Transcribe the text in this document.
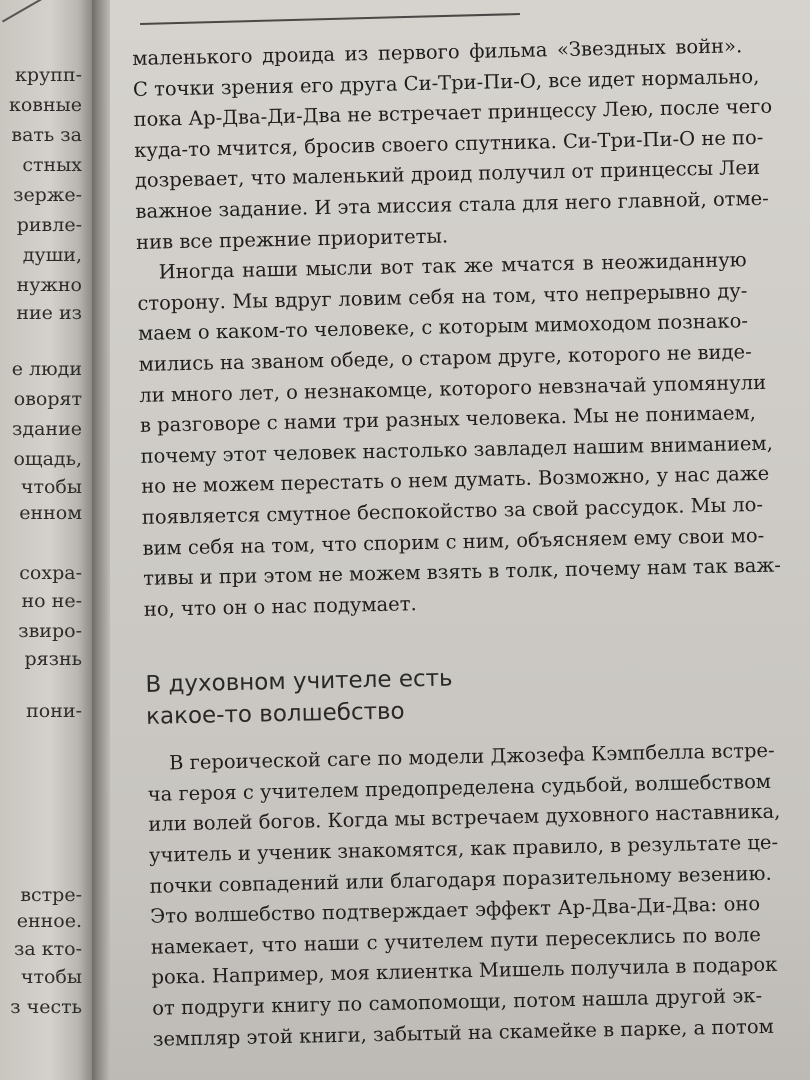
крупп-
ковные
вать за
стных
зерже-
ривле-
души,
нужно
ние из
е люди
оворят
здание
ощадь,
чтобы
енном
сохра-
но не-
звиро-
рязнь
пони-
встре-
енное.
за кто-
чтобы
з честь
маленького дроида из первого фильма «Звездных войн».
С точки зрения его друга Си-Три-Пи-О, все идет нормально,
пока Ар-Два-Ди-Два не встречает принцессу Лею, после чего
куда-то мчится, бросив своего спутника. Си-Три-Пи-О не по-
дозревает, что маленький дроид получил от принцессы Леи
важное задание. И эта миссия стала для него главной, отме-
нив все прежние приоритеты.
Иногда наши мысли вот так же мчатся в неожиданную
сторону. Мы вдруг ловим себя на том, что непрерывно ду-
маем о каком-то человеке, с которым мимоходом познако-
мились на званом обеде, о старом друге, которого не виде-
ли много лет, о незнакомце, которого невзначай упомянули
в разговоре с нами три разных человека. Мы не понимаем,
почему этот человек настолько завладел нашим вниманием,
но не можем перестать о нем думать. Возможно, у нас даже
появляется смутное беспокойство за свой рассудок. Мы ло-
вим себя на том, что спорим с ним, объясняем ему свои мо-
тивы и при этом не можем взять в толк, почему нам так важ-
но, что он о нас подумает.
В духовном учителе есть
какое-то волшебство
В героической саге по модели Джозефа Кэмпбелла встре-
ча героя с учителем предопределена судьбой, волшебством
или волей богов. Когда мы встречаем духовного наставника,
учитель и ученик знакомятся, как правило, в результате це-
почки совпадений или благодаря поразительному везению.
Это волшебство подтверждает эффект Ар-Два-Ди-Два: оно
намекает, что наши с учителем пути пересеклись по воле
рока. Например, моя клиентка Мишель получила в подарок
от подруги книгу по самопомощи, потом нашла другой эк-
земпляр этой книги, забытый на скамейке в парке, а потом
